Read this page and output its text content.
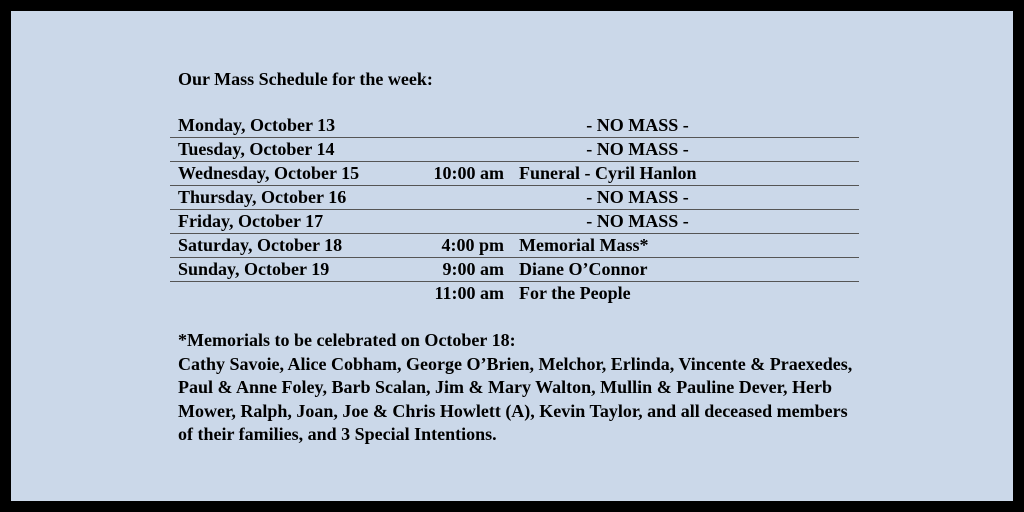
Our Mass Schedule for the week:
Monday, October 13	- NO MASS -
Tuesday, October 14	- NO MASS -
Wednesday, October 15	10:00 am Funeral - Cyril Hanlon
Thursday, October 16	- NO MASS -
Friday, October 17	- NO MASS -
Saturday, October 18	4:00 pm Memorial Mass*
Sunday, October 19	9:00 am Diane O’Connor
11:00 am For the People
*Memorials to be celebrated on October 18:
Cathy Savoie, Alice Cobham, George O’Brien, Melchor, Erlinda, Vincente & Praexedes, Paul & Anne Foley, Barb Scalan, Jim & Mary Walton, Mullin & Pauline Dever, Herb Mower, Ralph, Joan, Joe & Chris Howlett (A), Kevin Taylor, and all deceased members of their families, and 3 Special Intentions.
